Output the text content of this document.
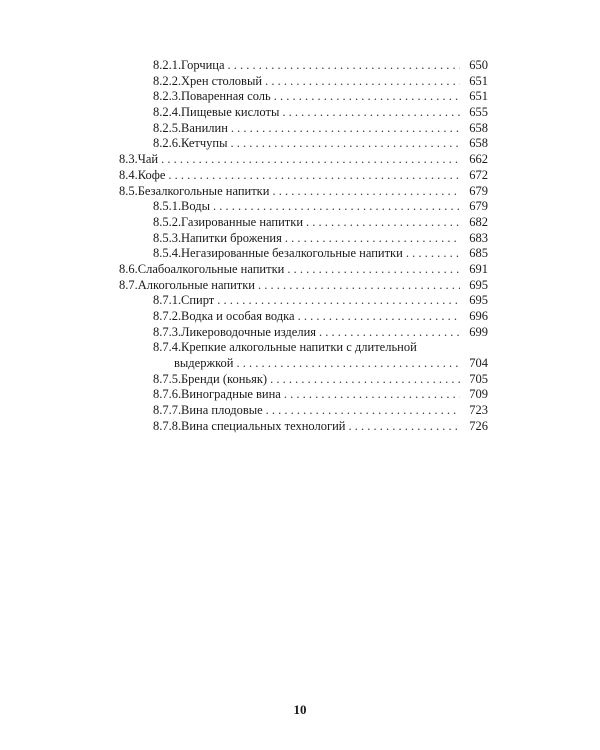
8.2.1. Горчица . . .	650
8.2.2. Хрен столовый . . .	651
8.2.3. Поваренная соль . . .	651
8.2.4. Пищевые кислоты . . .	655
8.2.5. Ванилин . . .	658
8.2.6. Кетчупы . . .	658
8.3. Чай . . .	662
8.4. Кофе . . .	672
8.5. Безалкогольные напитки . . .	679
8.5.1. Воды . . .	679
8.5.2. Газированные напитки . . .	682
8.5.3. Напитки брожения . . .	683
8.5.4. Негазированные безалкогольные напитки . . .	685
8.6. Слабоалкогольные напитки . . .	691
8.7. Алкогольные напитки . . .	695
8.7.1. Спирт . . .	695
8.7.2. Водка и особая водка . . .	696
8.7.3. Ликероводочные изделия . . .	699
8.7.4. Крепкие алкогольные напитки с длительной
выдержкой . . .	704
8.7.5. Бренди (коньяк) . . .	705
8.7.6. Виноградные вина . . .	709
8.7.7. Вина плодовые . . .	723
8.7.8. Вина специальных технологий . . .	726
10
